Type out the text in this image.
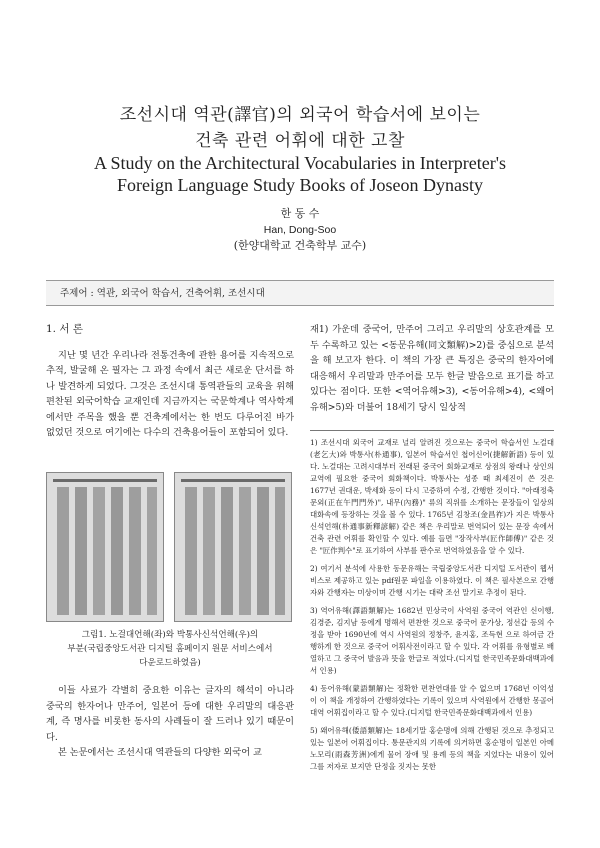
조선시대 역관(譯官)의 외국어 학습서에 보이는
건축 관련 어휘에 대한 고찰
A Study on the Architectural Vocabularies in Interpreter's
Foreign Language Study Books of Joseon Dynasty
한 동 수
Han, Dong-Soo
(한양대학교 건축학부 교수)
주제어 : 역관, 외국어 학습서, 건축어휘, 조선시대
1. 서 론

지난 몇 년간 우리나라 전통건축에 관한 용어를 지속적으로 추적, 발굴해 온 필자는 그 과정 속에서 최근 새로운 단서를 하나 발견하게 되었다. 그것은 조선시대 통역관들의 교육을 위해 편찬된 외국어학습 교재인데 지금까지는 국문학계나 역사학계에서만 주목을 했을 뿐 건축계에서는 한 번도 다루어진 바가 없었던 것으로 여기에는 다수의 건축용어들이 포함되어 있다.

그림1. 노걸대언해(좌)와 박통사신석언해(우)의
부분(국립중앙도서관 디지털 홈페이지 원문 서비스에서
다운로드하였음)

이들 사료가 각별히 중요한 이유는 글자의 해석이 아니라 중국의 한자어나 만주어, 일본어 등에 대한 우리말의 대응관계, 즉 명사를 비롯한 동사의 사례들이 잘 드러나 있기 때문이다.

본 논문에서는 조선시대 역관들의 다양한 외국어 교

재1) 가운데 중국어, 만주어 그리고 우리말의 상호관계를 모두 수록하고 있는 <동문유해(同文類解)>2)를 중심으로 분석을 해 보고자 한다. 이 책의 가장 큰 특징은 중국의 한자어에 대응해서 우리말과 만주어를 모두 한글 발음으로 표기를 하고 있다는 점이다. 또한 <역어유해>3), <동어유해>4), <왜어유해>5)와 더불어 18세기 당시 일상적

1) 조선시대 외국어 교재로 널리 알려진 것으로는 중국어 학습서인 노걸대(老乞大)와 박통사(朴通事), 일본어 학습서인 첩어신어(捷解新語) 등이 있다. 노걸대는 고려시대부터 전래된 중국어 회화교재로 상점의 왕래나 상인의 교역에 필요한 중국어 회화책이다. 박통사는 성종 때 최세진이 쓴 것은 1677년 권대운, 박세화 등이 다시 고증하여 수정, 간행한 것이다. "아래정축문외(正在午門門外)", 내무(內務)" 류의 직위를 소개하는 문장들이 일상의 대화속에 등장하는 것을 볼 수 있다. 1765년 김창조(金昌祚)가 지은 박통사신석언해(朴通事新釋諺解) 같은 책은 우리말로 번역되어 있는 문장 속에서 건축 관련 어휘를 확인할 수 있다. 예를 들면 "장작사부(匠作師傅)" 같은 것은 "匠作判수"로 표기하여 사부를 판수로 번역하였음을 알 수 있다.
2) 여기서 분석에 사용한 동문유해는 국립중앙도서관 디지털 도서관이 웹서비스로 제공하고 있는 pdf원문 파일을 이용하였다. 이 책은 필사본으로 간행자와 간행자는 미상이며 간행 시기는 대략 조선 말기로 추정이 된다.
3) 역어유해(譯語類解)는 1682년 민상국이 사역원 중국어 역관인 신이행, 김경준, 김지남 등에게 명해서 편찬한 것으로 중국어 문가상, 정선갑 등의 수정을 받아 1690년에 역시 사역원의 정창주, 윤지홍, 조득현 으로 하여금 간행하게 한 것으로 중국어 어휘사전이라고 할 수 있다. 각 어휘를 유형별로 배열하고 그 중국어 발음과 뜻을 한글로 적었다.(디지털 한국민족문화대백과에서 인용)
4) 동어유해(蒙語類解)는 정확한 편찬연대를 알 수 없으며 1768년 이억성이 이 책을 개정하여 간행하였다는 기록이 있으며 사역원에서 간행한 몽골어 대역 어휘집이라고 할 수 있다.(디지털 한국민족문화대백과에서 인용)
5) 왜어유해(倭語類解)는 18세기말 홍순명에 의해 간행된 것으로 추정되고 있는 일본어 어휘집이다. 통문관지의 기록에 의거하면 홍순명이 일본인 아메노모리(雨森芳洲)에게 물어 장애 및 용례 등의 책을 지었다는 내용이 있어 그를 저자로 보지만 단정을 짓지는 못한
